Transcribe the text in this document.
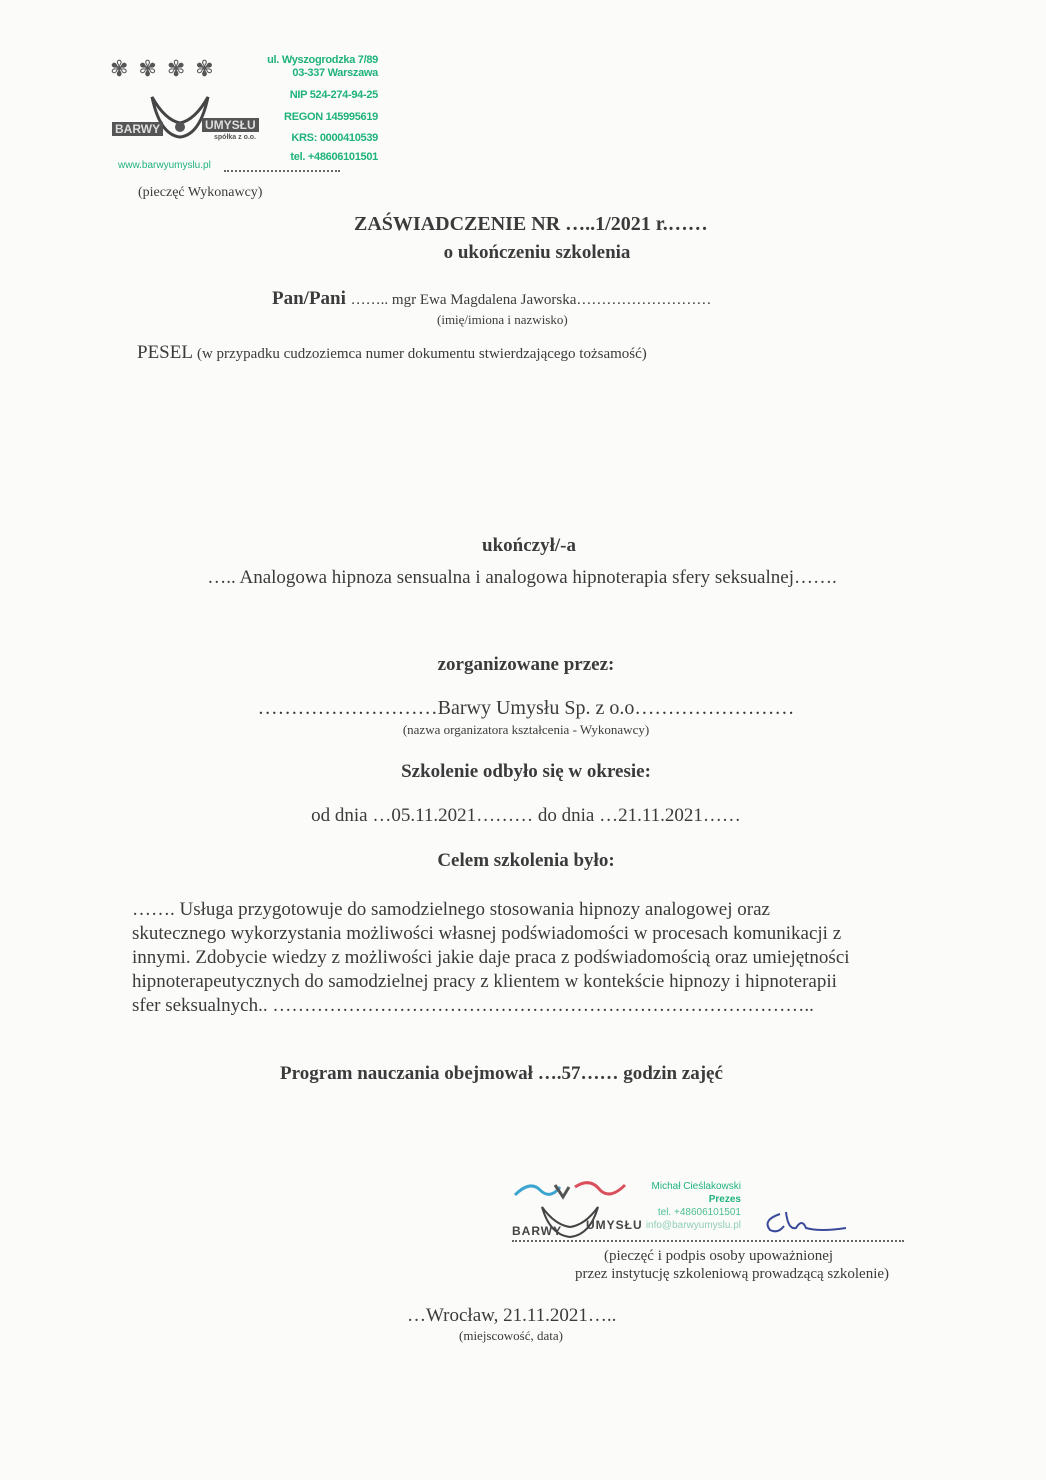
✾✾✾✾
BARWY	UMYSŁU
spółka z o.o.
ul. Wyszogrodzka 7/89
03-337 Warszawa
NIP 524-274-94-25
REGON 145995619
KRS: 0000410539
tel. +48606101501
www.barwyumyslu.pl
(pieczęć Wykonawcy)
ZAŚWIADCZENIE NR …..1/2021 r.……
o ukończeniu szkolenia
Pan/Pani …….. mgr Ewa Magdalena Jaworska………………………
(imię/imiona i nazwisko)
PESEL (w przypadku cudzoziemca numer dokumentu stwierdzającego tożsamość)
ukończył/-a
….. Analogowa hipnoza sensualna i analogowa hipnoterapia sfery seksualnej…….
zorganizowane przez:
………………………Barwy Umysłu Sp. z o.o……………………
(nazwa organizatora kształcenia - Wykonawcy)
Szkolenie odbyło się w okresie:
od dnia …05.11.2021……… do dnia …21.11.2021……
Celem szkolenia było:
……. Usługa przygotowuje do samodzielnego stosowania hipnozy analogowej oraz
skutecznego wykorzystania możliwości własnej podświadomości w procesach komunikacji z
innymi. Zdobycie wiedzy z możliwości jakie daje praca z podświadomością oraz umiejętności
hipnoterapeutycznych do samodzielnej pracy z klientem w kontekście hipnozy i hipnoterapii
sfer seksualnych.. …………………………………………………………………………..
Program nauczania obejmował ….57…… godzin zajęć
BARWY UMYSŁU
Michał Cieślakowski
Prezes
tel. +48606101501
info@barwyumyslu.pl
(pieczęć i podpis osoby upoważnionej
przez instytucję szkoleniową prowadzącą szkolenie)
…Wrocław, 21.11.2021…..
(miejscowość, data)
